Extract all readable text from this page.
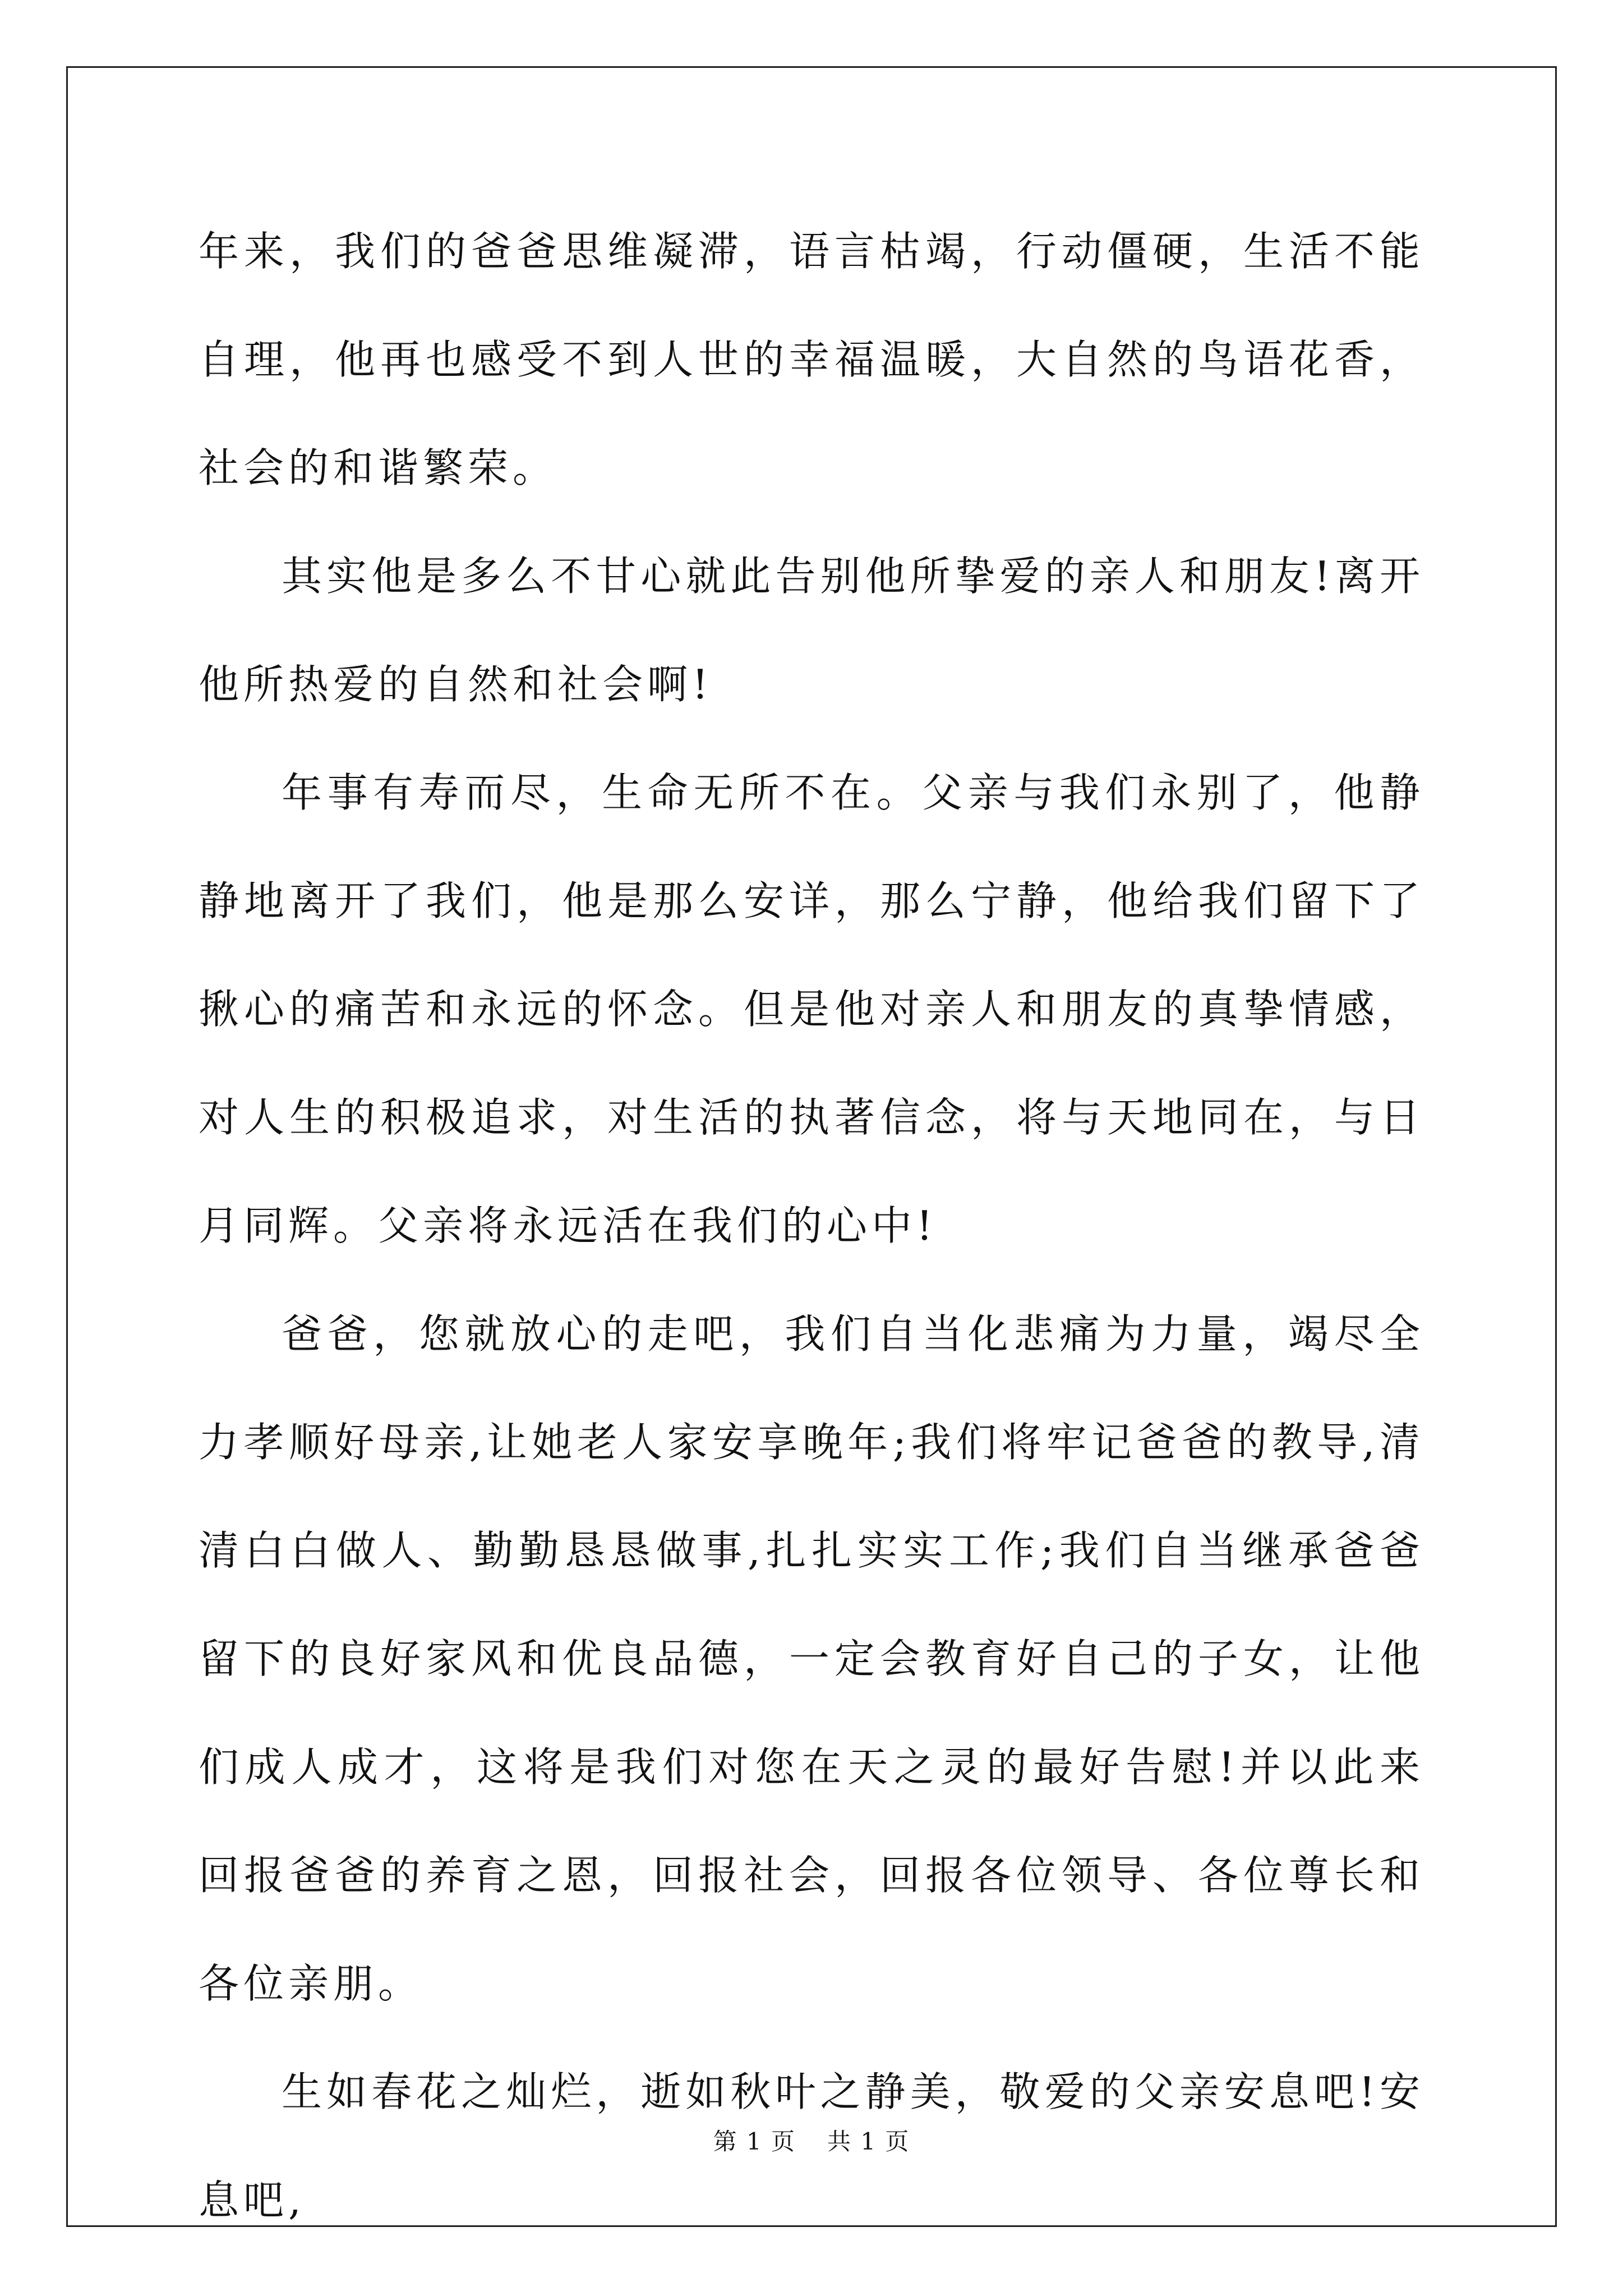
年来，我们的爸爸思维凝滞，语言枯竭，行动僵硬，生活不能自理，他再也感受不到人世的幸福温暖，大自然的鸟语花香，社会的和谐繁荣。

其实他是多么不甘心就此告别他所挚爱的亲人和朋友!离开他所热爱的自然和社会啊!

年事有寿而尽，生命无所不在。父亲与我们永别了，他静静地离开了我们，他是那么安详，那么宁静，他给我们留下了揪心的痛苦和永远的怀念。但是他对亲人和朋友的真挚情感，对人生的积极追求，对生活的执著信念，将与天地同在，与日月同辉。父亲将永远活在我们的心中!

爸爸，您就放心的走吧，我们自当化悲痛为力量，竭尽全力孝顺好母亲,让她老人家安享晚年;我们将牢记爸爸的教导,清清白白做人、勤勤恳恳做事,扎扎实实工作;我们自当继承爸爸留下的良好家风和优良品德，一定会教育好自己的子女，让他们成人成才，这将是我们对您在天之灵的最好告慰!并以此来回报爸爸的养育之恩，回报社会，回报各位领导、各位尊长和各位亲朋。

生如春花之灿烂，逝如秋叶之静美，敬爱的父亲安息吧!安息吧,

第 1 页 共 1 页
